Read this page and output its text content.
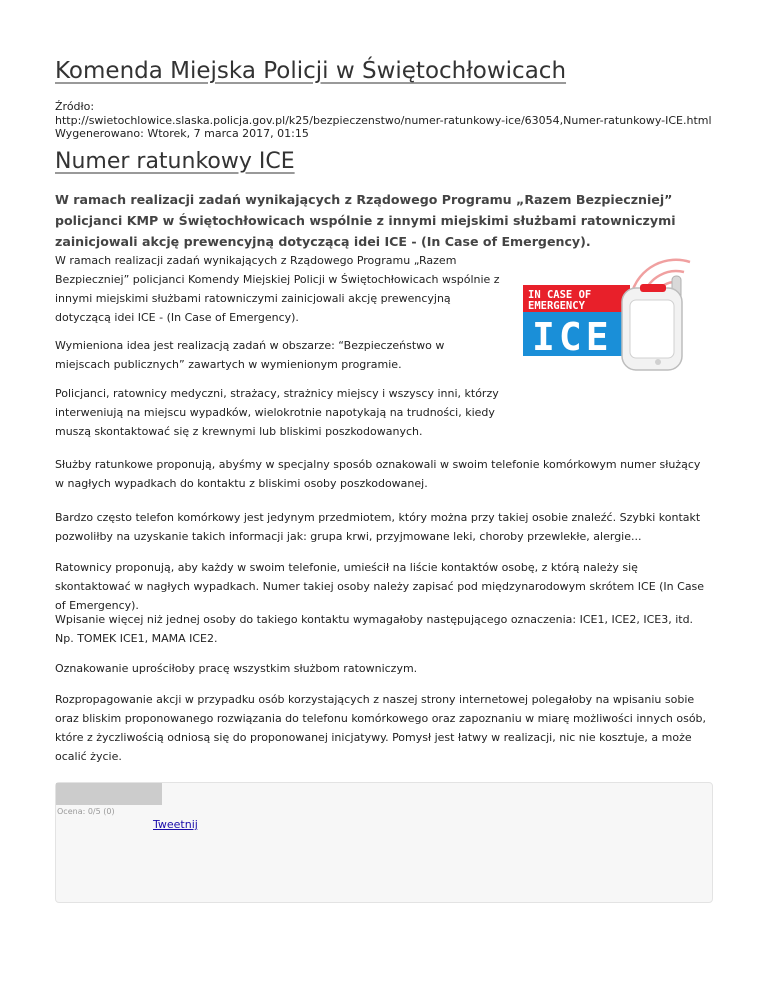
Komenda Miejska Policji w Świętochłowicach
Źródło:
http://swietochlowice.slaska.policja.gov.pl/k25/bezpieczenstwo/numer-ratunkowy-ice/63054,Numer-ratunkowy-ICE.html
Wygenerowano: Wtorek, 7 marca 2017, 01:15
Numer ratunkowy ICE

W ramach realizacji zadań wynikających z Rządowego Programu „Razem Bezpieczniej” policjanci KMP w Świętochłowicach wspólnie z innymi miejskimi służbami ratowniczymi zainicjowali akcję prewencyjną dotyczącą idei ICE - (In Case of Emergency).

W ramach realizacji zadań wynikających z Rządowego Programu „Razem Bezpieczniej” policjanci Komendy Miejskiej Policji w Świętochłowicach wspólnie z innymi miejskimi służbami ratowniczymi zainicjowali akcję prewencyjną dotyczącą idei ICE - (In Case of Emergency).

Wymieniona idea jest realizacją zadań w obszarze: “Bezpieczeństwo w miejscach publicznych” zawartych w wymienionym programie.

Policjanci, ratownicy medyczni, strażacy, strażnicy miejscy i wszyscy inni, którzy interweniują na miejscu wypadków, wielokrotnie napotykają na trudności, kiedy muszą skontaktować się z krewnymi lub bliskimi poszkodowanych.

Służby ratunkowe proponują, abyśmy w specjalny sposób oznakowali w swoim telefonie komórkowym numer służący w nagłych wypadkach do kontaktu z bliskimi osoby poszkodowanej.

Bardzo często telefon komórkowy jest jedynym przedmiotem, który można przy takiej osobie znaleźć. Szybki kontakt pozwoliłby na uzyskanie takich informacji jak: grupa krwi, przyjmowane leki, choroby przewlekłe, alergie...

Ratownicy proponują, aby każdy w swoim telefonie, umieścił na liście kontaktów osobę, z którą należy się skontaktować w nagłych wypadkach. Numer takiej osoby należy zapisać pod międzynarodowym skrótem ICE (In Case of Emergency).

Wpisanie więcej niż jednej osoby do takiego kontaktu wymagałoby następującego oznaczenia: ICE1, ICE2, ICE3, itd. Np. TOMEK ICE1, MAMA ICE2.

Oznakowanie uprościłoby pracę wszystkim służbom ratowniczym.

Rozpropagowanie akcji w przypadku osób korzystających z naszej strony internetowej polegałoby na wpisaniu sobie oraz bliskim proponowanego rozwiązania do telefonu komórkowego oraz zapoznaniu w miarę możliwości innych osób, które z życzliwością odniosą się do proponowanej inicjatywy. Pomysł jest łatwy w realizacji, nic nie kosztuje, a może ocalić życie.

IN CASE OF
EMERGENCY
ICE
Ocena: 0/5 (0)
Tweetnij
